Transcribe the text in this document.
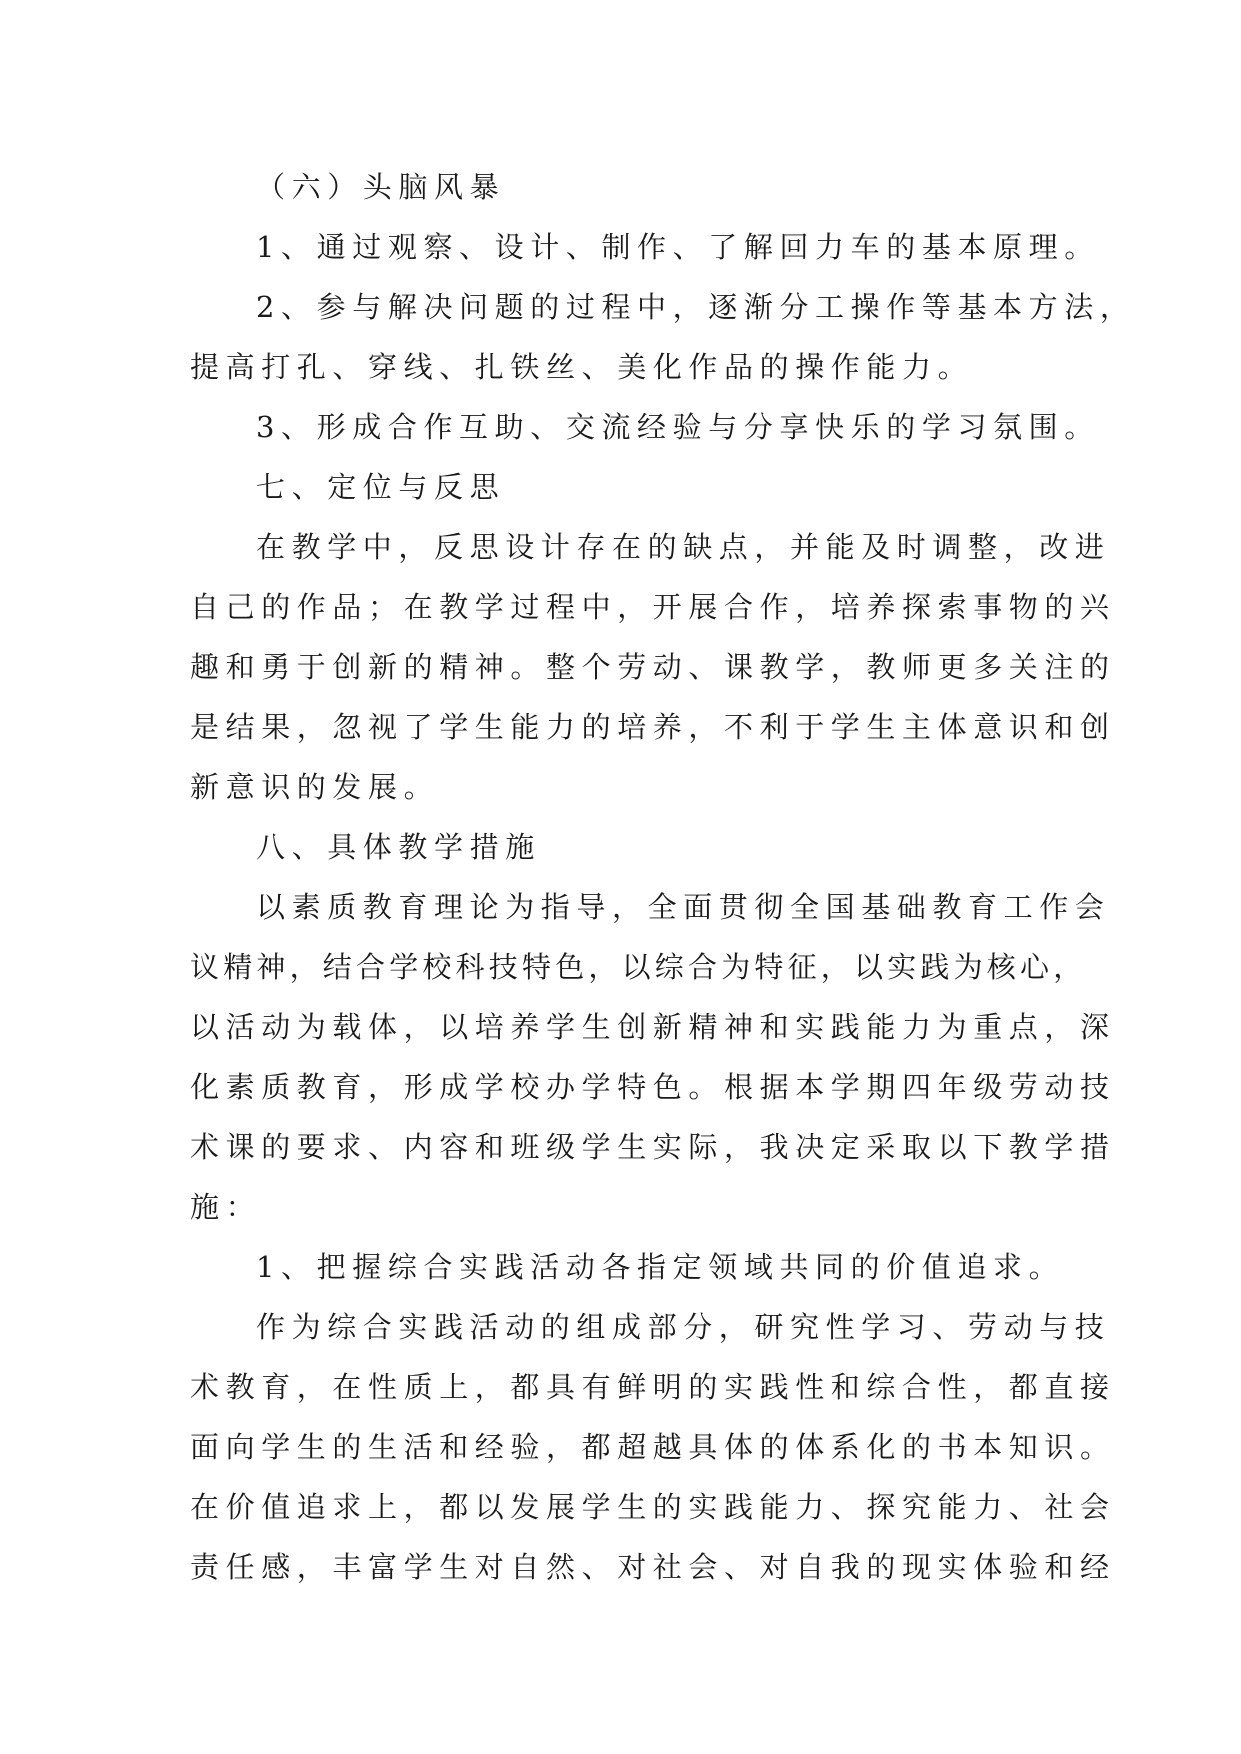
（六）头脑风暴
1、通过观察、设计、制作、了解回力车的基本原理。
2、参与解决问题的过程中，逐渐分工操作等基本方法，
提高打孔、穿线、扎铁丝、美化作品的操作能力。
3、形成合作互助、交流经验与分享快乐的学习氛围。
七、定位与反思
在教学中，反思设计存在的缺点，并能及时调整，改进
自己的作品；在教学过程中，开展合作，培养探索事物的兴
趣和勇于创新的精神。整个劳动、课教学，教师更多关注的
是结果，忽视了学生能力的培养，不利于学生主体意识和创
新意识的发展。
八、具体教学措施
以素质教育理论为指导，全面贯彻全国基础教育工作会
议精神，结合学校科技特色，以综合为特征，以实践为核心，
以活动为载体，以培养学生创新精神和实践能力为重点，深
化素质教育，形成学校办学特色。根据本学期四年级劳动技
术课的要求、内容和班级学生实际，我决定采取以下教学措
施：
1、把握综合实践活动各指定领域共同的价值追求。
作为综合实践活动的组成部分，研究性学习、劳动与技
术教育，在性质上，都具有鲜明的实践性和综合性，都直接
面向学生的生活和经验，都超越具体的体系化的书本知识。
在价值追求上，都以发展学生的实践能力、探究能力、社会
责任感，丰富学生对自然、对社会、对自我的现实体验和经
